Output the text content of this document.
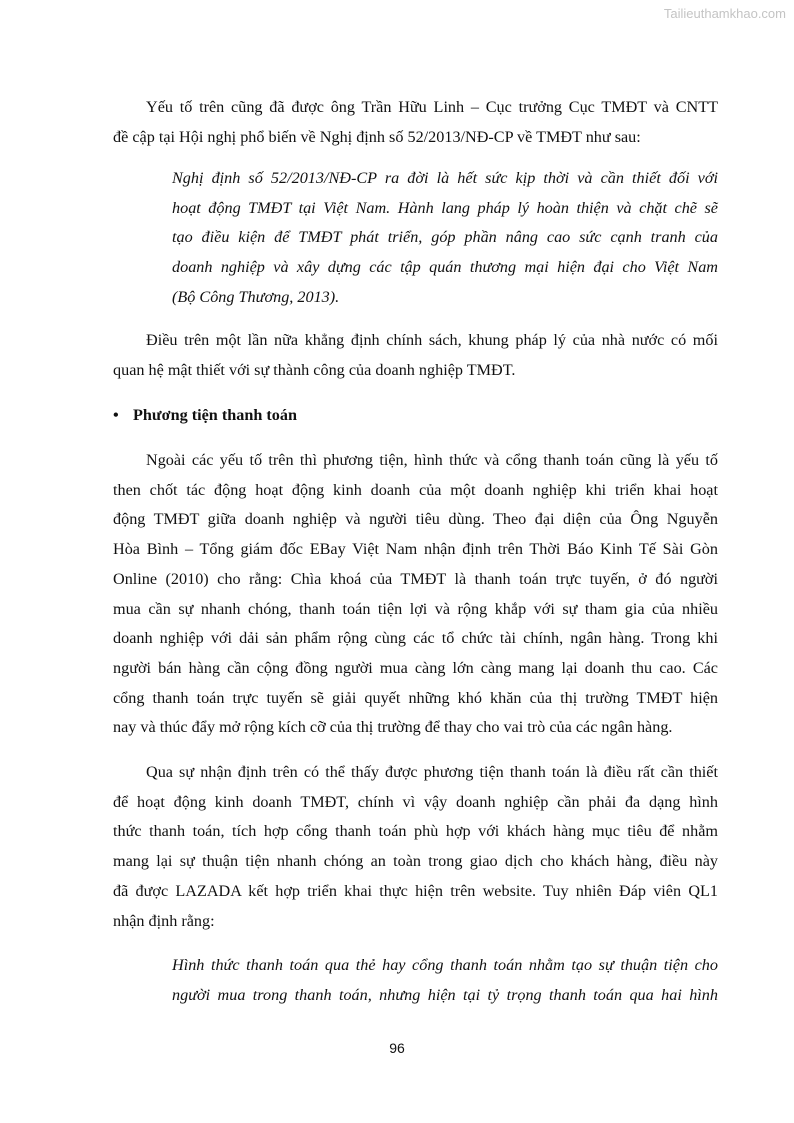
Tailieuthamkhao.com
Yếu tố trên cũng đã được ông Trần Hữu Linh – Cục trưởng Cục TMĐT và CNTT
đề cập tại Hội nghị phổ biến về Nghị định số 52/2013/NĐ-CP về TMĐT như sau:
Nghị định số 52/2013/NĐ-CP ra đời là hết sức kịp thời và cần thiết đối với
hoạt động TMĐT tại Việt Nam. Hành lang pháp lý hoàn thiện và chặt chẽ sẽ
tạo điều kiện để TMĐT phát triển, góp phần nâng cao sức cạnh tranh của
doanh nghiệp và xây dựng các tập quán thương mại hiện đại cho Việt Nam
(Bộ Công Thương, 2013).
Điều trên một lần nữa khẳng định chính sách, khung pháp lý của nhà nước có mối
quan hệ mật thiết với sự thành công của doanh nghiệp TMĐT.
Ngoài các yếu tố trên thì phương tiện, hình thức và cổng thanh toán cũng là yếu tố
then chốt tác động hoạt động kinh doanh của một doanh nghiệp khi triển khai hoạt
động TMĐT giữa doanh nghiệp và người tiêu dùng. Theo đại diện của Ông Nguyễn
Hòa Bình – Tổng giám đốc EBay Việt Nam nhận định trên Thời Báo Kinh Tế Sài Gòn
Online (2010) cho rằng: Chìa khoá của TMĐT là thanh toán trực tuyến, ở đó người
mua cần sự nhanh chóng, thanh toán tiện lợi và rộng khắp với sự tham gia của nhiều
doanh nghiệp với dải sản phẩm rộng cùng các tổ chức tài chính, ngân hàng. Trong khi
người bán hàng cần cộng đồng người mua càng lớn càng mang lại doanh thu cao. Các
cổng thanh toán trực tuyến sẽ giải quyết những khó khăn của thị trường TMĐT hiện
nay và thúc đẩy mở rộng kích cỡ của thị trường để thay cho vai trò của các ngân hàng.
Qua sự nhận định trên có thể thấy được phương tiện thanh toán là điều rất cần thiết
để hoạt động kinh doanh TMĐT, chính vì vậy doanh nghiệp cần phải đa dạng hình
thức thanh toán, tích hợp cổng thanh toán phù hợp với khách hàng mục tiêu để nhằm
mang lại sự thuận tiện nhanh chóng an toàn trong giao dịch cho khách hàng, điều này
đã được LAZADA kết hợp triển khai thực hiện trên website. Tuy nhiên Đáp viên QL1
nhận định rằng:
Hình thức thanh toán qua thẻ hay cổng thanh toán nhằm tạo sự thuận tiện cho
người mua trong thanh toán, nhưng hiện tại tỷ trọng thanh toán qua hai hình
• Phương tiện thanh toán
96
